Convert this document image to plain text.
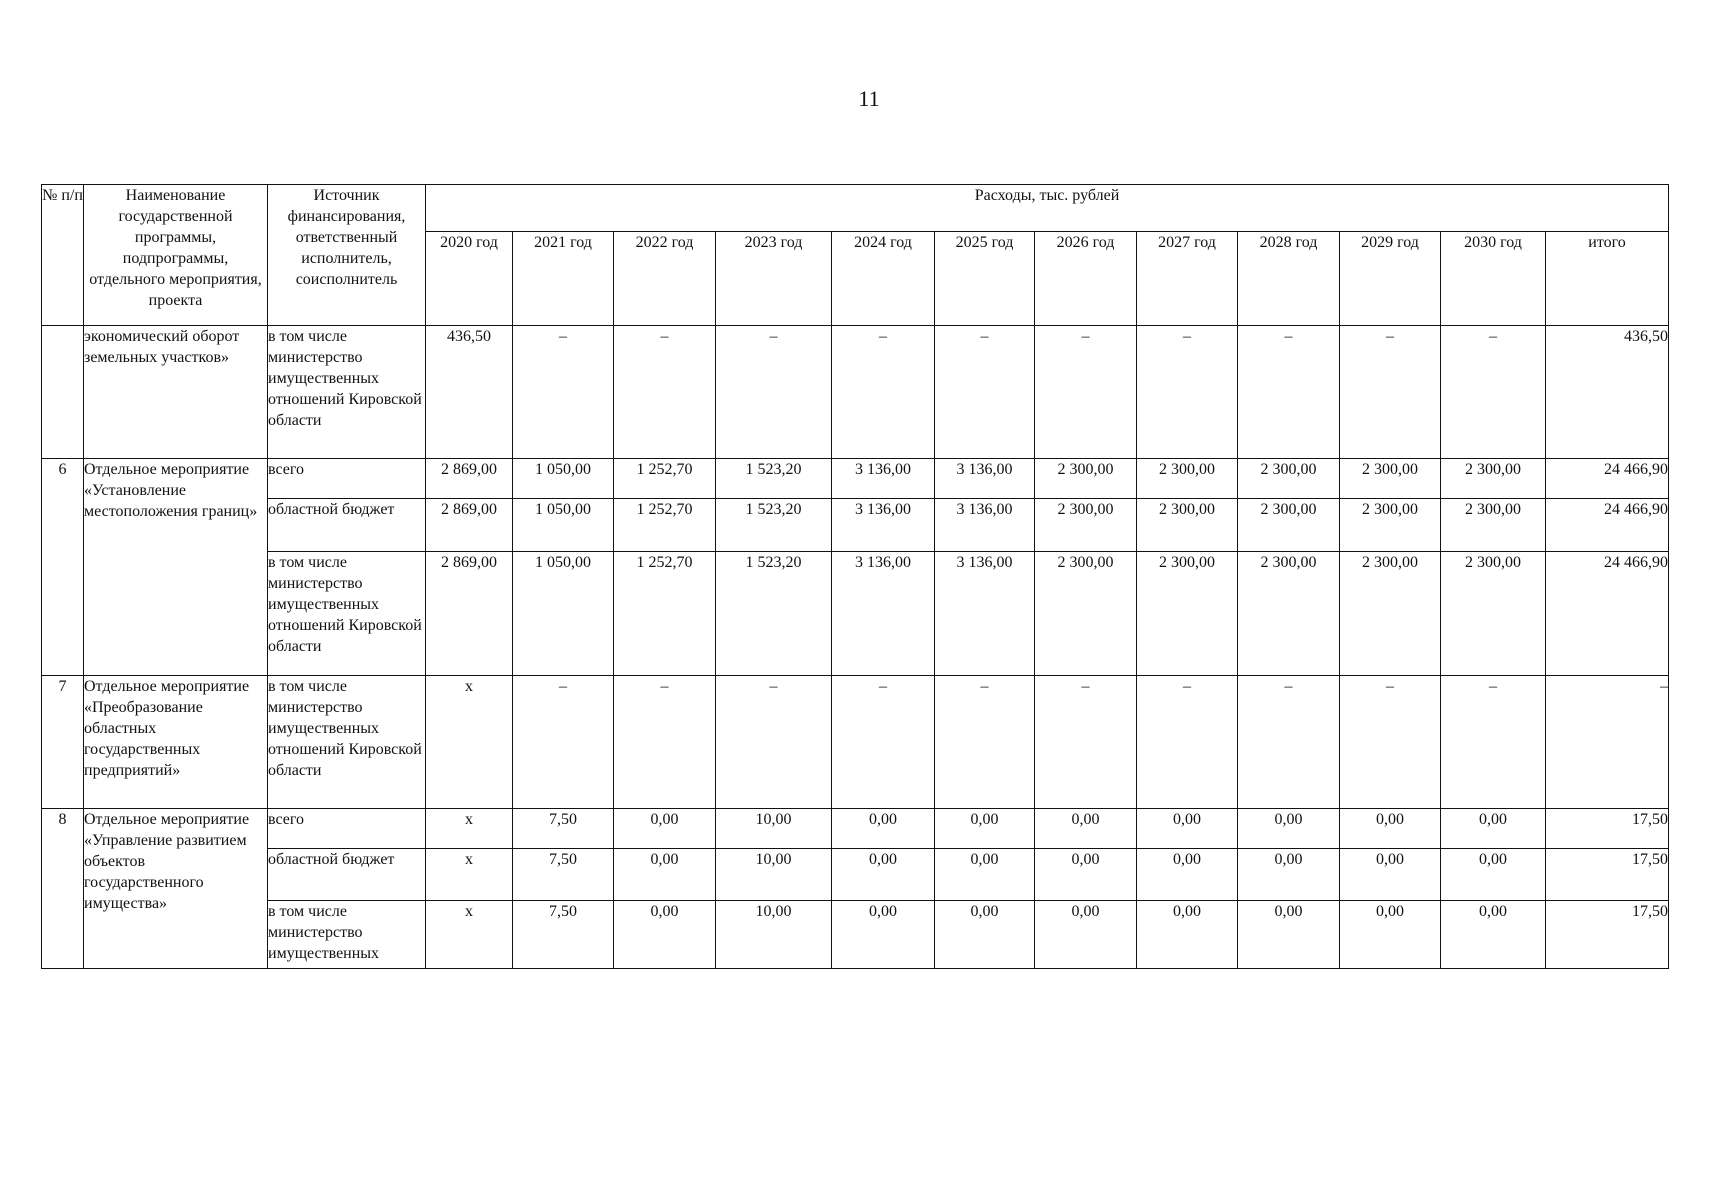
11
№ п/п	Наименование государственной программы, подпрограммы, отдельного мероприятия, проекта	Источник финансирования, ответственный исполнитель, соисполнитель	Расходы, тыс. рублей											
			2020 год	2021 год	2022 год	2023 год	2024 год	2025 год	2026 год	2027 год	2028 год	2029 год	2030 год	итого
	экономический оборот земельных участков»	в том числе министерство имущественных отношений Кировской области	436,50	–	–	–	–	–	–	–	–	–	–	436,50
6	Отдельное мероприятие «Установление местоположения границ»	всего	2 869,00	1 050,00	1 252,70	1 523,20	3 136,00	3 136,00	2 300,00	2 300,00	2 300,00	2 300,00	2 300,00	24 466,90
		областной бюджет	2 869,00	1 050,00	1 252,70	1 523,20	3 136,00	3 136,00	2 300,00	2 300,00	2 300,00	2 300,00	2 300,00	24 466,90
		в том числе министерство имущественных отношений Кировской области	2 869,00	1 050,00	1 252,70	1 523,20	3 136,00	3 136,00	2 300,00	2 300,00	2 300,00	2 300,00	2 300,00	24 466,90
7	Отдельное мероприятие «Преобразование областных государственных предприятий»	в том числе министерство имущественных отношений Кировской области	х	–	–	–	–	–	–	–	–	–	–	–
8	Отдельное мероприятие «Управление развитием объектов государственного имущества»	всего	х	7,50	0,00	10,00	0,00	0,00	0,00	0,00	0,00	0,00	0,00	17,50
		областной бюджет	х	7,50	0,00	10,00	0,00	0,00	0,00	0,00	0,00	0,00	0,00	17,50
		в том числе министерство имущественных	х	7,50	0,00	10,00	0,00	0,00	0,00	0,00	0,00	0,00	0,00	17,50
